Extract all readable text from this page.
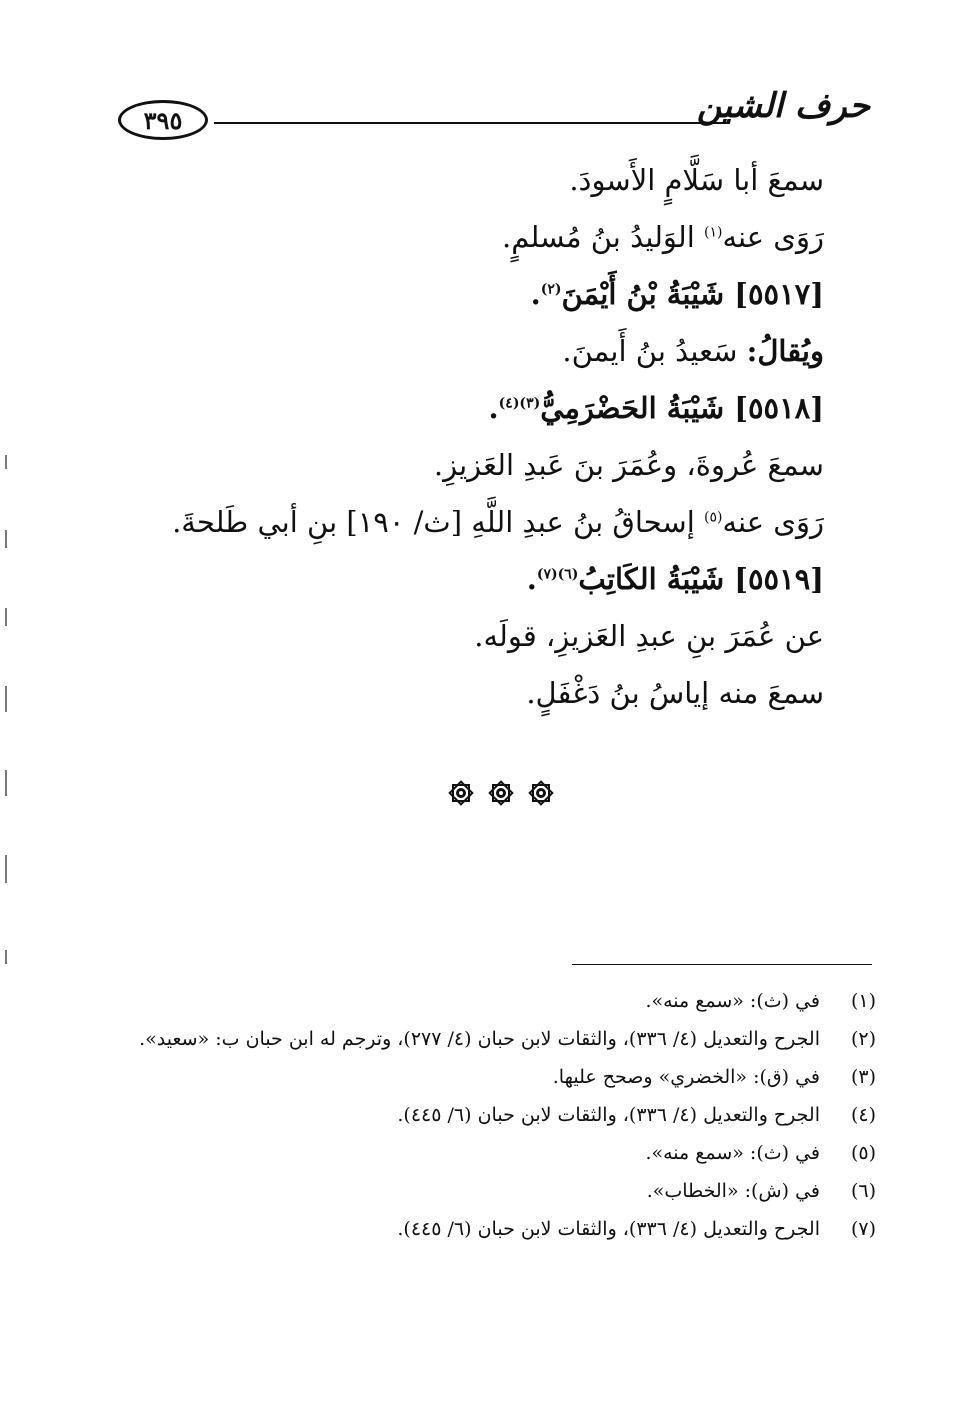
٣٩٥	حرف الشين
سمعَ أبا سَلَّامٍ الأَسودَ.
رَوَى عنه$^{(١)}$ الوَليدُ بنُ مُسلمٍ.
[٥٥١٧] شَيْبَةُ بْنُ أَيْمَنَ$^{(٢)}$.
ويُقالُ: سَعيدُ بنُ أَيمنَ.
[٥٥١٨] شَيْبَةُ الحَضْرَمِيُّ$^{(٣)(٤)}$.
سمعَ عُروةَ، وعُمَرَ بنَ عَبدِ العَزيزِ.
رَوَى عنه$^{(٥)}$ إسحاقُ بنُ عبدِ اللَّهِ [ث/ ١٩٠] بنِ أبي طَلحةَ.
[٥٥١٩] شَيْبَةُ الكَاتِبُ$^{(٦)(٧)}$.
عن عُمَرَ بنِ عبدِ العَزيزِ، قولَه.
سمعَ منه إياسُ بنُ دَغْفَلٍ.
(١)
في (ث): «سمع منه».
(٢)
الجرح والتعديل (٤/ ٣٣٦)، والثقات لابن حبان (٤/ ٢٧٧)، وترجم له ابن حبان ب: «سعيد».
(٣)
في (ق): «الخضري» وصحح عليها.
(٤)
الجرح والتعديل (٤/ ٣٣٦)، والثقات لابن حبان (٦/ ٤٤٥).
(٥)
في (ث): «سمع منه».
(٦)
في (ش): «الخطاب».
(٧)
الجرح والتعديل (٤/ ٣٣٦)، والثقات لابن حبان (٦/ ٤٤٥).
